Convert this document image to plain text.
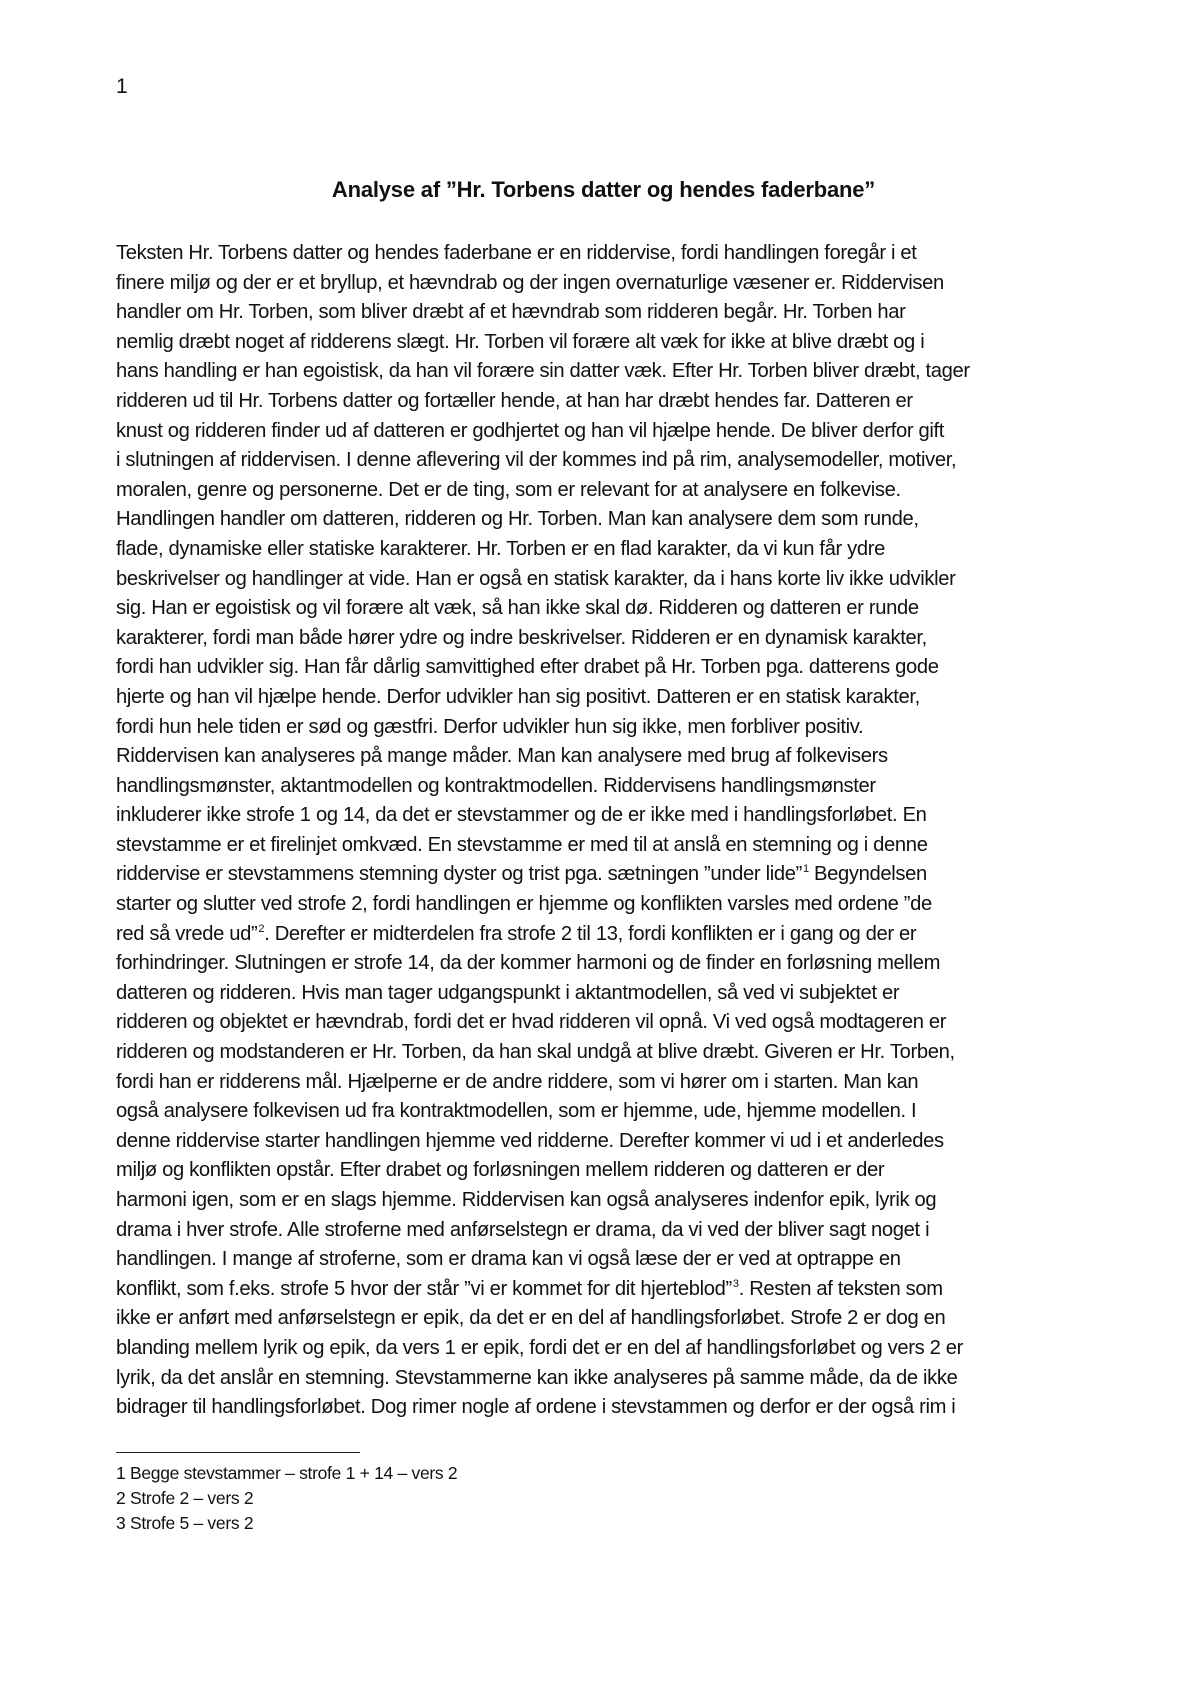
1
Analyse af ”Hr. Torbens datter og hendes faderbane”
Teksten Hr. Torbens datter og hendes faderbane er en riddervise, fordi handlingen foregår i et
finere miljø og der er et bryllup, et hævndrab og der ingen overnaturlige væsener er. Riddervisen
handler om Hr. Torben, som bliver dræbt af et hævndrab som ridderen begår. Hr. Torben har
nemlig dræbt noget af ridderens slægt. Hr. Torben vil forære alt væk for ikke at blive dræbt og i
hans handling er han egoistisk, da han vil forære sin datter væk. Efter Hr. Torben bliver dræbt, tager
ridderen ud til Hr. Torbens datter og fortæller hende, at han har dræbt hendes far. Datteren er
knust og ridderen finder ud af datteren er godhjertet og han vil hjælpe hende. De bliver derfor gift
i slutningen af riddervisen. I denne aflevering vil der kommes ind på rim, analysemodeller, motiver,
moralen, genre og personerne. Det er de ting, som er relevant for at analysere en folkevise.
Handlingen handler om datteren, ridderen og Hr. Torben. Man kan analysere dem som runde,
flade, dynamiske eller statiske karakterer. Hr. Torben er en flad karakter, da vi kun får ydre
beskrivelser og handlinger at vide. Han er også en statisk karakter, da i hans korte liv ikke udvikler
sig. Han er egoistisk og vil forære alt væk, så han ikke skal dø. Ridderen og datteren er runde
karakterer, fordi man både hører ydre og indre beskrivelser. Ridderen er en dynamisk karakter,
fordi han udvikler sig. Han får dårlig samvittighed efter drabet på Hr. Torben pga. datterens gode
hjerte og han vil hjælpe hende. Derfor udvikler han sig positivt. Datteren er en statisk karakter,
fordi hun hele tiden er sød og gæstfri. Derfor udvikler hun sig ikke, men forbliver positiv.
Riddervisen kan analyseres på mange måder. Man kan analysere med brug af folkevisers
handlingsmønster, aktantmodellen og kontraktmodellen. Riddervisens handlingsmønster
inkluderer ikke strofe 1 og 14, da det er stevstammer og de er ikke med i handlingsforløbet. En
stevstamme er et firelinjet omkvæd. En stevstamme er med til at anslå en stemning og i denne
riddervise er stevstammens stemning dyster og trist pga. sætningen ”under lide”$^1$ Begyndelsen
starter og slutter ved strofe 2, fordi handlingen er hjemme og konflikten varsles med ordene ”de
red så vrede ud”$^2$. Derefter er midterdelen fra strofe 2 til 13, fordi konflikten er i gang og der er
forhindringer. Slutningen er strofe 14, da der kommer harmoni og de finder en forløsning mellem
datteren og ridderen. Hvis man tager udgangspunkt i aktantmodellen, så ved vi subjektet er
ridderen og objektet er hævndrab, fordi det er hvad ridderen vil opnå. Vi ved også modtageren er
ridderen og modstanderen er Hr. Torben, da han skal undgå at blive dræbt. Giveren er Hr. Torben,
fordi han er ridderens mål. Hjælperne er de andre riddere, som vi hører om i starten. Man kan
også analysere folkevisen ud fra kontraktmodellen, som er hjemme, ude, hjemme modellen. I
denne riddervise starter handlingen hjemme ved ridderne. Derefter kommer vi ud i et anderledes
miljø og konflikten opstår. Efter drabet og forløsningen mellem ridderen og datteren er der
harmoni igen, som er en slags hjemme. Riddervisen kan også analyseres indenfor epik, lyrik og
drama i hver strofe. Alle stroferne med anførselstegn er drama, da vi ved der bliver sagt noget i
handlingen. I mange af stroferne, som er drama kan vi også læse der er ved at optrappe en
konflikt, som f.eks. strofe 5 hvor der står ”vi er kommet for dit hjerteblod”$^3$. Resten af teksten som
ikke er anført med anførselstegn er epik, da det er en del af handlingsforløbet. Strofe 2 er dog en
blanding mellem lyrik og epik, da vers 1 er epik, fordi det er en del af handlingsforløbet og vers 2 er
lyrik, da det anslår en stemning. Stevstammerne kan ikke analyseres på samme måde, da de ikke
bidrager til handlingsforløbet. Dog rimer nogle af ordene i stevstammen og derfor er der også rim i
1 Begge stevstammer – strofe 1 + 14 – vers 2
2 Strofe 2 – vers 2
3 Strofe 5 – vers 2
